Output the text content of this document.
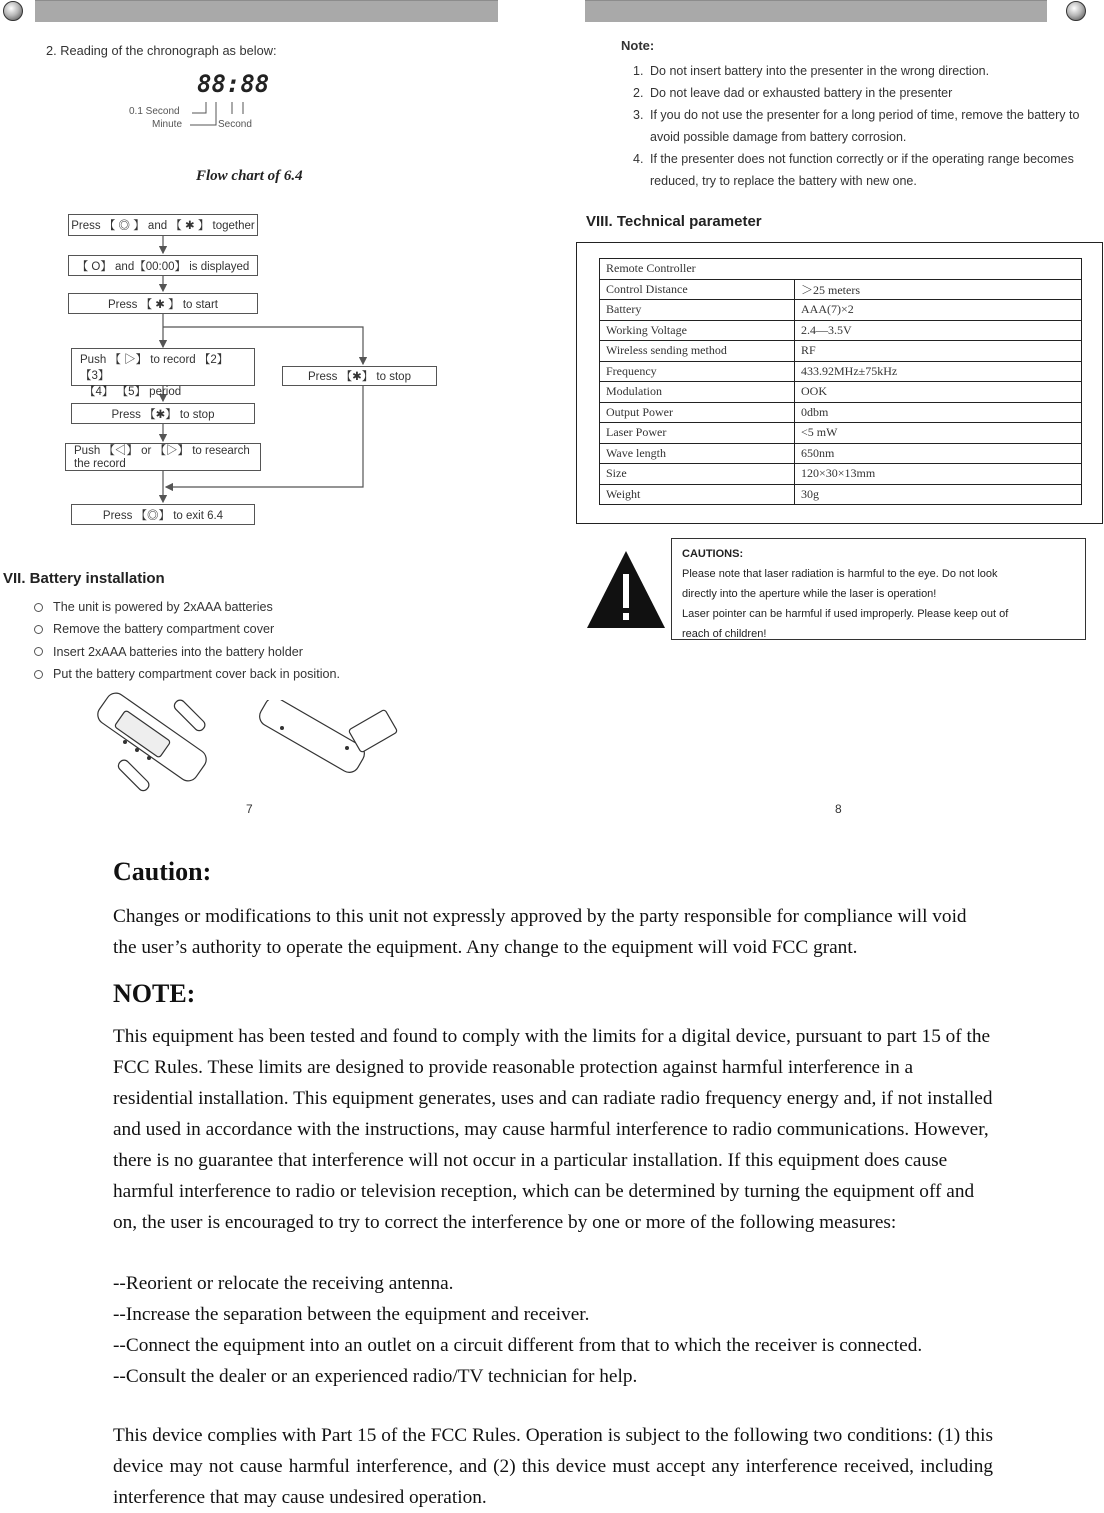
2. Reading of the chronograph as below:
88:88
0.1 Second
Minute	Second
Flow chart of 6.4
Press 【 ◎ 】 and 【 ✱ 】 together
【 O】 and【00:00】 is displayed
Press 【 ✱ 】 to start
Push 【 ▷】 to record 【2】 【3】
【4】 【5】 period
Press 【✱】 to stop
Press 【✱】 to stop
Push 【◁】 or 【▷】 to research
the record
Press 【◎】 to exit 6.4
VII. Battery installation
The unit is powered by 2xAAA batteries
Remove the battery compartment cover
Insert 2xAAA batteries into the battery holder
Put the battery compartment cover back in position.
7
Note:
1. Do not insert battery into the presenter in the wrong direction.
2. Do not leave dad or exhausted battery in the presenter
3. If you do not use the presenter for a long period of time, remove the battery to avoid possible damage from battery corrosion.
4. If the presenter does not function correctly or if the operating range becomes reduced, try to replace the battery with new one.
VIII. Technical parameter
Remote Controller	
Control Distance	＞25 meters
Battery	AAA(7)×2
Working Voltage	2.4—3.5V
Wireless sending method	RF
Frequency	433.92MHz±75kHz
Modulation	OOK
Output Power	0dbm
Laser Power	<5 mW
Wave length	650nm
Size	120×30×13mm
Weight	30g
CAUTIONS:
Please note that laser radiation is harmful to the eye. Do not look
directly into the aperture while the laser is operation!
Laser pointer can be harmful if used improperly. Please keep out of
reach of children!
8
Caution:
Changes or modifications to this unit not expressly approved by the party responsible for compliance will void the user’s authority to operate the equipment. Any change to the equipment will void FCC grant.
NOTE:
This equipment has been tested and found to comply with the limits for a digital device, pursuant to part 15 of the FCC Rules. These limits are designed to provide reasonable protection against harmful interference in a residential installation. This equipment generates, uses and can radiate radio frequency energy and, if not installed and used in accordance with the instructions, may cause harmful interference to radio communications. However, there is no guarantee that interference will not occur in a particular installation. If this equipment does cause harmful interference to radio or television reception, which can be determined by turning the equipment off and on, the user is encouraged to try to correct the interference by one or more of the following measures:
--Reorient or relocate the receiving antenna.
--Increase the separation between the equipment and receiver.
--Connect the equipment into an outlet on a circuit different from that to which the receiver is connected.
--Consult the dealer or an experienced radio/TV technician for help.
This device complies with Part 15 of the FCC Rules. Operation is subject to the following two conditions: (1) this device may not cause harmful interference, and (2) this device must accept any interference received, including interference that may cause undesired operation.
